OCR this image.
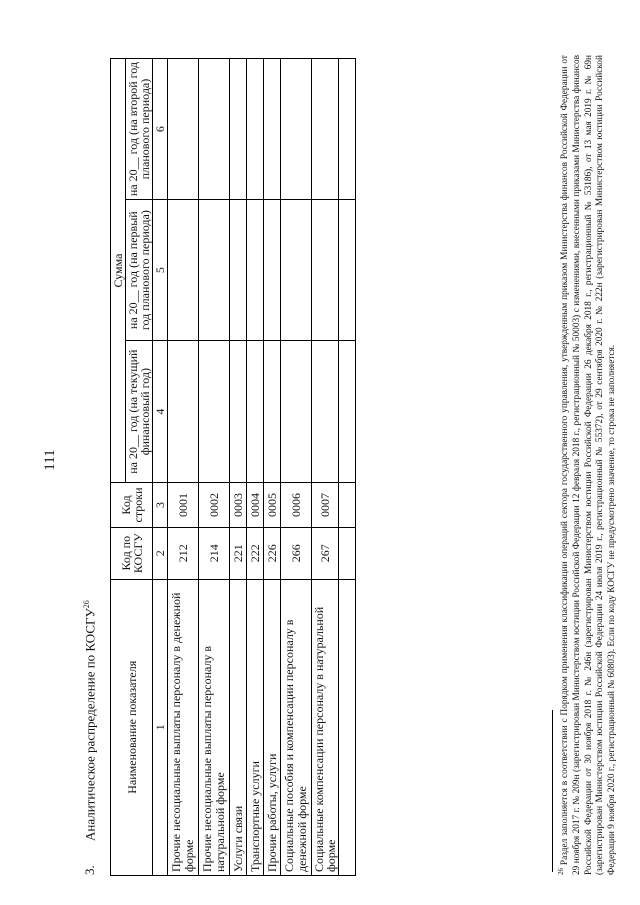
111
3.Аналитическое распределение по КОСГУ$^{26}$
Наименование показателя	Код по КОСГУ	Код строки	Сумма		
			на 20__ год (на текущий финансовый год)	на 20__ год (на первый год планового периода)	на 20__ год (на второй год планового периода)
1	2	3	4	5	6
Прочие несоциальные выплаты персоналу в денежной форме	212	0001			
Прочие несоциальные выплаты персоналу в натуральной форме	214	0002			
Услуги связи	221	0003			
Транспортные услуги	222	0004			
Прочие работы, услуги	226	0005			
Социальные пособия и компенсации персоналу в денежной форме	266	0006			
Социальные компенсации персоналу в натуральной форме	267	0007			

$^{26}$ Раздел заполняется в соответствии с Порядком применения классификации операций сектора государственного управления, утвержденным приказом Министерства финансов Российской Федерации от 29 ноября 2017 г. № 209н (зарегистрирован Министерством юстиции Российской Федерации 12 февраля 2018 г., регистрационный № 50003) с изменениями, внесенными приказами Министерства финансов Российской Федерации от 30 ноября 2018 г. № 246н (зарегистрирован Министерством юстиции Российской Федерации 26 декабря 2018 г., регистрационный № 53186), от 13 мая 2019 г. № 69н (зарегистрирован Министерством юстиции Российской Федерации 24 июля 2019 г., регистрационный № 55372), от 29 сентября 2020 г. № 222н (зарегистрирован Министерством юстиции Российской Федерации 9 ноября 2020 г., регистрационный № 60803). Если по коду КОСГУ не предусмотрено значение, то строка не заполняется.
